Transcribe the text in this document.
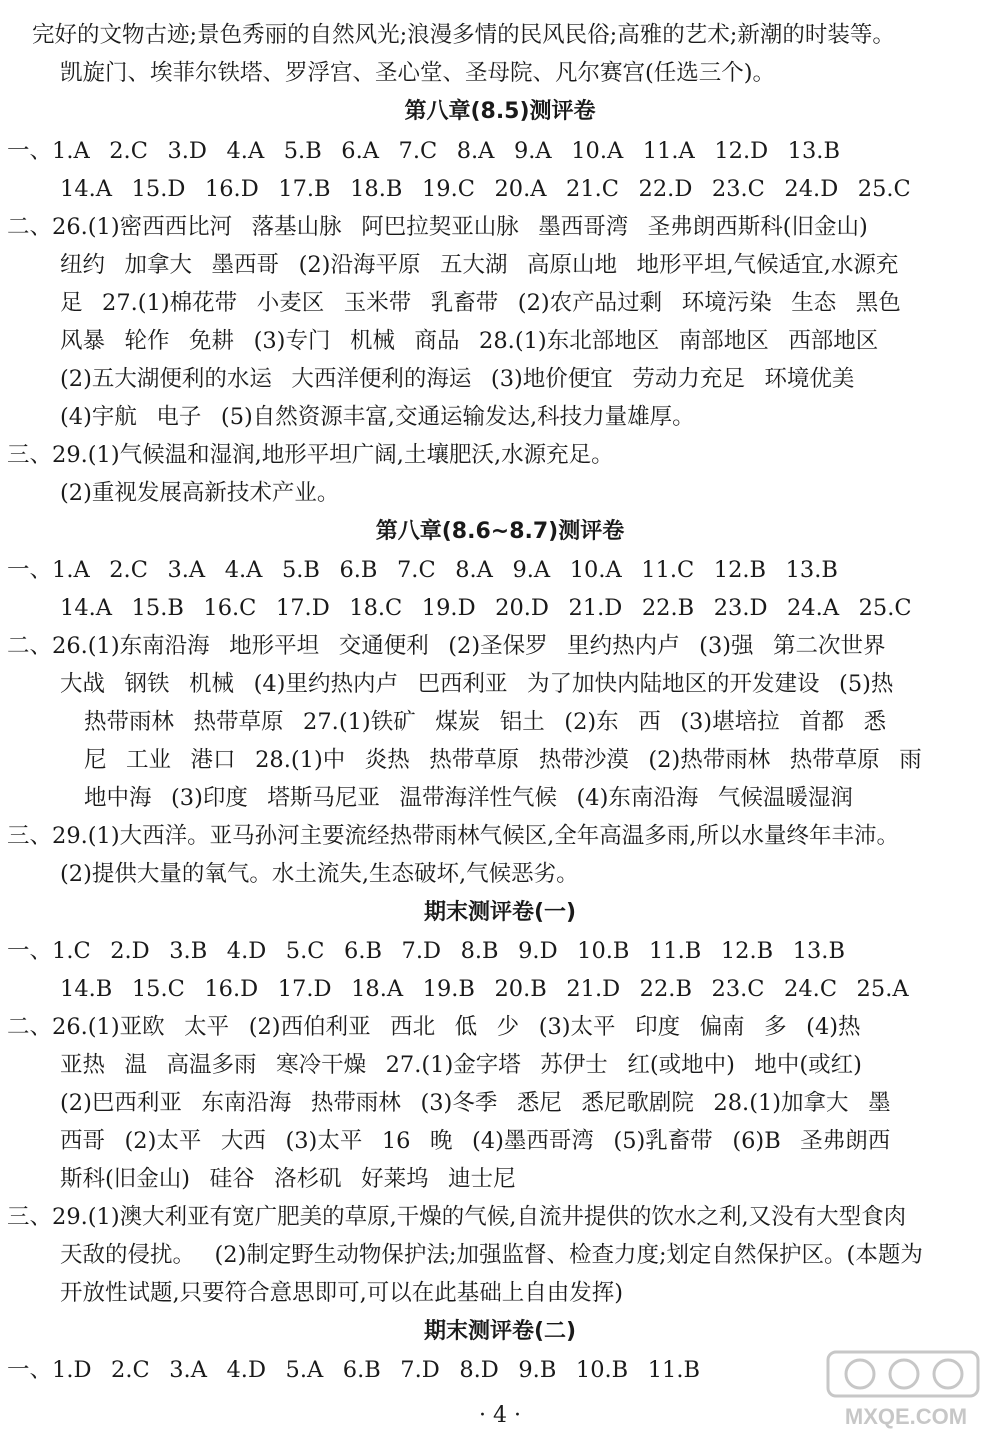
完好的文物古迹;景色秀丽的自然风光;浪漫多情的民风民俗;高雅的艺术;新潮的时装等。
凯旋门、埃菲尔铁塔、罗浮宫、圣心堂、圣母院、凡尔赛宫(任选三个)。
第八章(8.5)测评卷
一、1.A 2.C 3.D 4.A 5.B 6.A 7.C 8.A 9.A 10.A 11.A 12.D 13.B
14.A 15.D 16.D 17.B 18.B 19.C 20.A 21.C 22.D 23.C 24.D 25.C
二、26.(1)密西西比河 落基山脉 阿巴拉契亚山脉 墨西哥湾 圣弗朗西斯科(旧金山)
纽约 加拿大 墨西哥 (2)沿海平原 五大湖 高原山地 地形平坦,气候适宜,水源充
足 27.(1)棉花带 小麦区 玉米带 乳畜带 (2)农产品过剩 环境污染 生态 黑色
风暴 轮作 免耕 (3)专门 机械 商品 28.(1)东北部地区 南部地区 西部地区
(2)五大湖便利的水运 大西洋便利的海运 (3)地价便宜 劳动力充足 环境优美
(4)宇航 电子 (5)自然资源丰富,交通运输发达,科技力量雄厚。
三、29.(1)气候温和湿润,地形平坦广阔,土壤肥沃,水源充足。
(2)重视发展高新技术产业。
第八章(8.6~8.7)测评卷
一、1.A 2.C 3.A 4.A 5.B 6.B 7.C 8.A 9.A 10.A 11.C 12.B 13.B
14.A 15.B 16.C 17.D 18.C 19.D 20.D 21.D 22.B 23.D 24.A 25.C
二、26.(1)东南沿海 地形平坦 交通便利 (2)圣保罗 里约热内卢 (3)强 第二次世界
大战 钢铁 机械 (4)里约热内卢 巴西利亚 为了加快内陆地区的开发建设 (5)热
热带雨林 热带草原 27.(1)铁矿 煤炭 铝土 (2)东 西 (3)堪培拉 首都 悉
尼 工业 港口 28.(1)中 炎热 热带草原 热带沙漠 (2)热带雨林 热带草原 雨
地中海 (3)印度 塔斯马尼亚 温带海洋性气候 (4)东南沿海 气候温暖湿润
三、29.(1)大西洋。亚马孙河主要流经热带雨林气候区,全年高温多雨,所以水量终年丰沛。
(2)提供大量的氧气。水土流失,生态破坏,气候恶劣。
期末测评卷(一)
一、1.C 2.D 3.B 4.D 5.C 6.B 7.D 8.B 9.D 10.B 11.B 12.B 13.B
14.B 15.C 16.D 17.D 18.A 19.B 20.B 21.D 22.B 23.C 24.C 25.A
二、26.(1)亚欧 太平 (2)西伯利亚 西北 低 少 (3)太平 印度 偏南 多 (4)热
亚热 温 高温多雨 寒冷干燥 27.(1)金字塔 苏伊士 红(或地中) 地中(或红)
(2)巴西利亚 东南沿海 热带雨林 (3)冬季 悉尼 悉尼歌剧院 28.(1)加拿大 墨
西哥 (2)太平 大西 (3)太平 16 晚 (4)墨西哥湾 (5)乳畜带 (6)B 圣弗朗西
斯科(旧金山) 硅谷 洛杉矶 好莱坞 迪士尼
三、29.(1)澳大利亚有宽广肥美的草原,干燥的气候,自流井提供的饮水之利,又没有大型食肉
天敌的侵扰。 (2)制定野生动物保护法;加强监督、检查力度;划定自然保护区。(本题为
开放性试题,只要符合意思即可,可以在此基础上自由发挥)
期末测评卷(二)
一、1.D 2.C 3.A 4.D 5.A 6.B 7.D 8.D 9.B 10.B 11.B
· 4 ·	MXQE.COM
